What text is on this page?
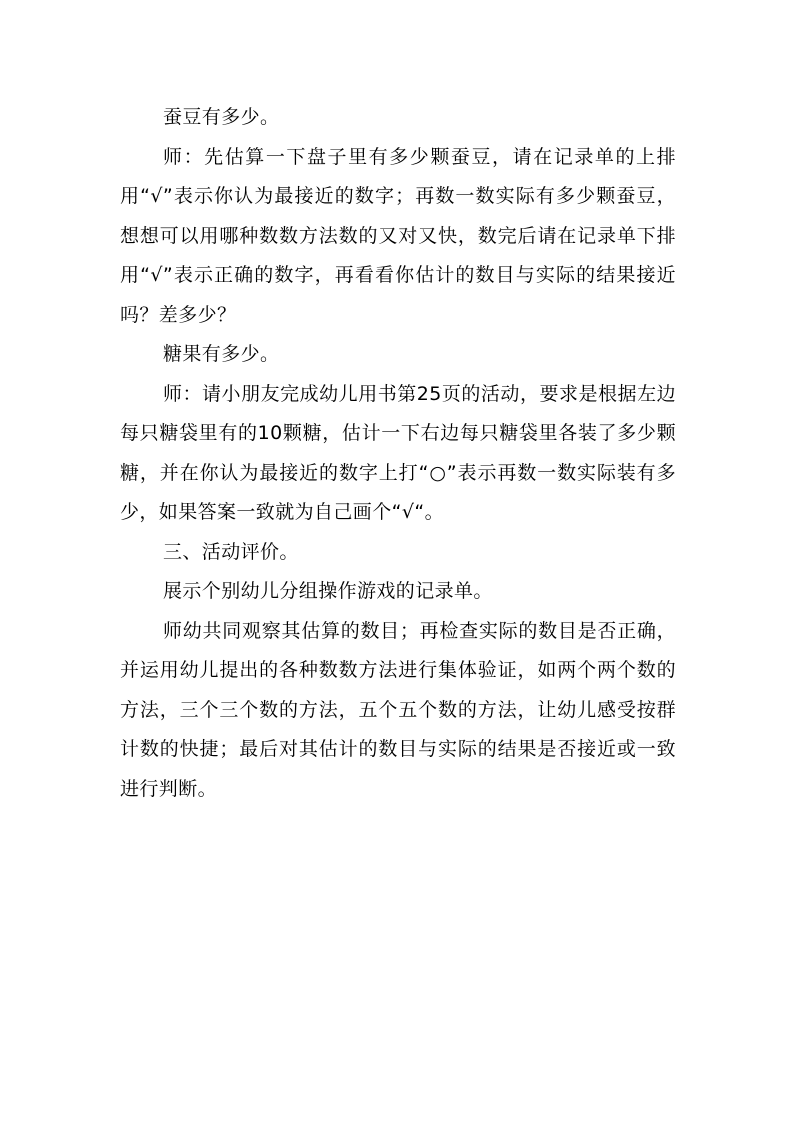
蚕豆有多少。

师：先估算一下盘子里有多少颗蚕豆，请在记录单的上排用“√”表示你认为最接近的数字；再数一数实际有多少颗蚕豆，想想可以用哪种数数方法数的又对又快，数完后请在记录单下排用“√”表示正确的数字，再看看你估计的数目与实际的结果接近吗？差多少？

糖果有多少。

师：请小朋友完成幼儿用书第25页的活动，要求是根据左边每只糖袋里有的10颗糖，估计一下右边每只糖袋里各装了多少颗糖，并在你认为最接近的数字上打“○”表示再数一数实际装有多少，如果答案一致就为自己画个“√“。

三、活动评价。

展示个别幼儿分组操作游戏的记录单。

师幼共同观察其估算的数目；再检查实际的数目是否正确，并运用幼儿提出的各种数数方法进行集体验证，如两个两个数的方法，三个三个数的方法，五个五个数的方法，让幼儿感受按群计数的快捷；最后对其估计的数目与实际的结果是否接近或一致进行判断。
